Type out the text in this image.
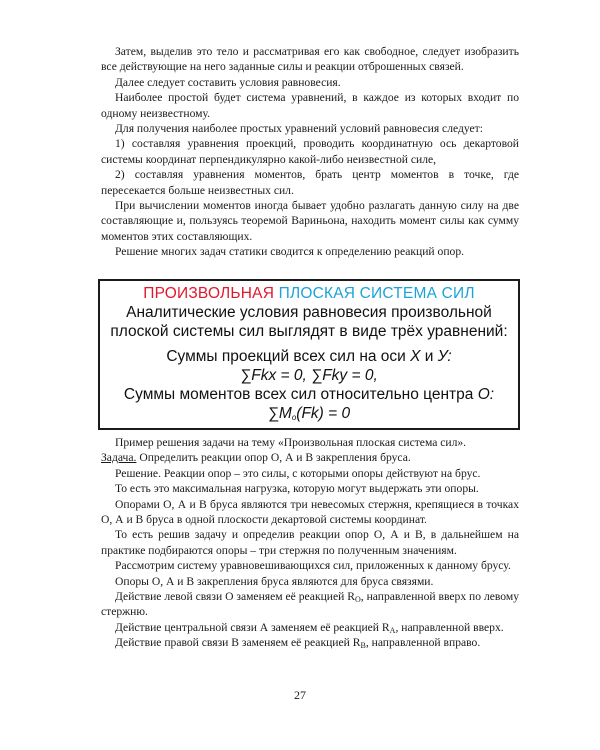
Затем, выделив это тело и рассматривая его как свободное, следует изобразить все действующие на него заданные силы и реакции отброшенных связей.

Далее следует составить условия равновесия.

Наиболее простой будет система уравнений, в каждое из которых входит по одному неизвестному.

Для получения наиболее простых уравнений условий равновесия следует:

1) составляя уравнения проекций, проводить координатную ось декартовой системы координат перпендикулярно какой-либо неизвестной силе,

2) составляя уравнения моментов, брать центр моментов в точке, где пересекается больше неизвестных сил.

При вычислении моментов иногда бывает удобно разлагать данную силу на две составляющие и, пользуясь теоремой Вариньона, находить момент силы как сумму моментов этих составляющих.

Решение многих задач статики сводится к определению реакций опор.

ПРОИЗВОЛЬНАЯ ПЛОСКАЯ СИСТЕМА СИЛ
Аналитические условия равновесия произвольной
плоской системы сил выглядят в виде трёх уравнений:
Суммы проекций всех сил на оси X и У:
∑Fkx = 0, ∑Fky = 0,
Суммы моментов всех сил относительно центра О:
$\sum M_o(Fk) = 0$

Пример решения задачи на тему «Произвольная плоская система сил».

Задача. Определить реакции опор О, А и В закрепления бруса.

Решение. Реакции опор – это силы, с которыми опоры действуют на брус.

То есть это максимальная нагрузка, которую могут выдержать эти опоры.

Опорами О, А и В бруса являются три невесомых стержня, крепящиеся в точках О, А и В бруса в одной плоскости декартовой системы координат.

То есть решив задачу и определив реакции опор О, А и В, в дальнейшем на практике подбираются опоры – три стержня по полученным значениям.

Рассмотрим систему уравновешивающихся сил, приложенных к данному брусу.

Опоры О, А и В закрепления бруса являются для бруса связями.

Действие левой связи О заменяем её реакцией $R_O$, направленной вверх по левому стержню.

Действие центральной связи А заменяем её реакцией $R_A$, направленной вверх.

Действие правой связи В заменяем её реакцией $R_B$, направленной вправо.

27
